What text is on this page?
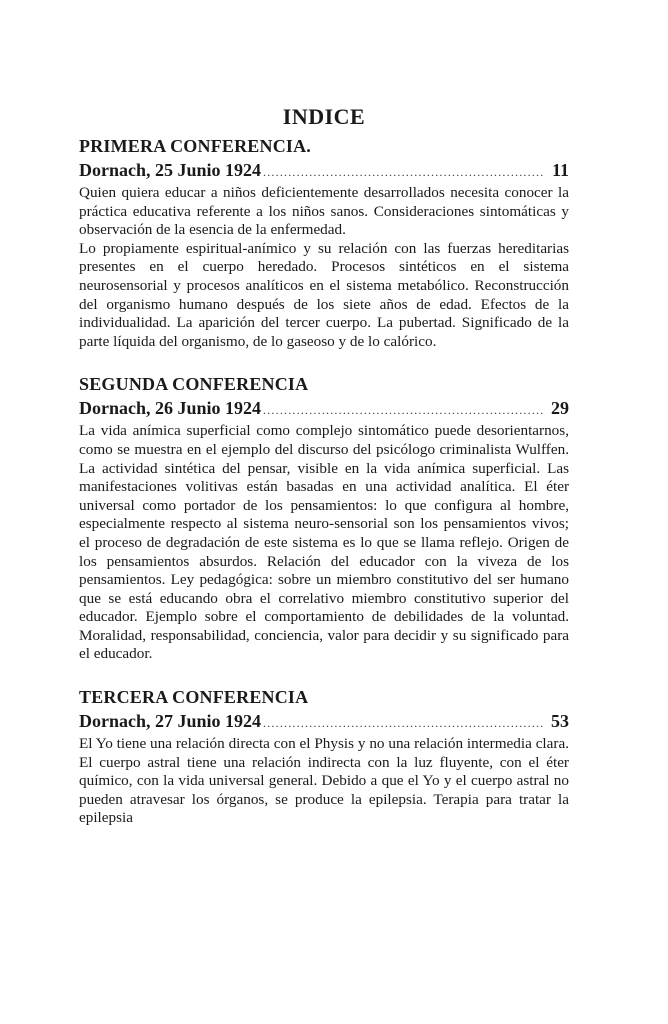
INDICE
PRIMERA CONFERENCIA.
Dornach, 25 Junio 1924 .....	11

Quien quiera educar a niños deficientemente desarrollados necesita conocer la práctica educativa referente a los niños sanos. Consideraciones sintomáticas y observación de la esencia de la enfermedad.

Lo propiamente espiritual-anímico y su relación con las fuerzas hereditarias presentes en el cuerpo heredado. Procesos sintéticos en el sistema neurosensorial y procesos analíticos en el sistema metabólico. Reconstrucción del organismo humano después de los siete años de edad. Efectos de la individualidad. La aparición del tercer cuerpo. La pubertad. Significado de la parte líquida del organismo, de lo gaseoso y de lo calórico.

SEGUNDA CONFERENCIA
Dornach, 26 Junio 1924 .....	29

La vida anímica superficial como complejo sintomático puede desorientarnos, como se muestra en el ejemplo del discurso del psicólogo criminalista Wulffen. La actividad sintética del pensar, visible en la vida anímica superficial. Las manifestaciones volitivas están basadas en una actividad analítica. El éter universal como portador de los pensamientos: lo que configura al hombre, especialmente respecto al sistema neuro-sensorial son los pensamientos vivos; el proceso de degradación de este sistema es lo que se llama reflejo. Origen de los pensamientos absurdos. Relación del educador con la viveza de los pensamientos. Ley pedagógica: sobre un miembro constitutivo del ser humano que se está educando obra el correlativo miembro constitutivo superior del educador. Ejemplo sobre el comportamiento de debilidades de la voluntad. Moralidad, responsabilidad, conciencia, valor para decidir y su significado para el educador.

TERCERA CONFERENCIA
Dornach, 27 Junio 1924 .....	53

El Yo tiene una relación directa con el Physis y no una relación intermedia clara. El cuerpo astral tiene una relación indirecta con la luz fluyente, con el éter químico, con la vida universal general. Debido a que el Yo y el cuerpo astral no pueden atravesar los órganos, se produce la epilepsia. Terapia para tratar la epilepsia
